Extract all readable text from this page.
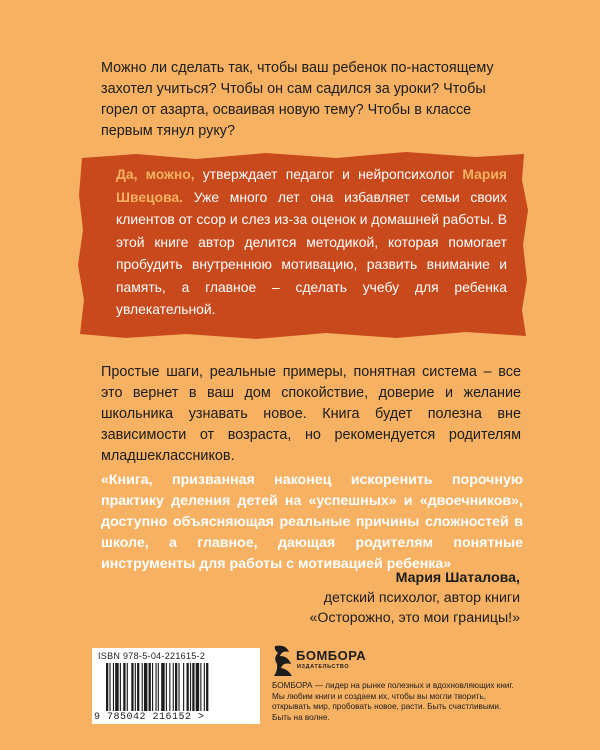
Можно ли сделать так, чтобы ваш ребенок по-настоящему захотел учиться? Чтобы он сам садился за уроки? Чтобы горел от азарта, осваивая новую тему? Чтобы в классе первым тянул руку?
Да, можно, утверждает педагог и нейропсихолог Мария Швецова. Уже много лет она избавляет семьи своих клиентов от ссор и слез из-за оценок и домашней работы. В этой книге автор делится методикой, которая помогает пробудить внутреннюю мотивацию, развить внимание и память, а главное – сделать учебу для ребенка увлекательной.
Простые шаги, реальные примеры, понятная система – все это вернет в ваш дом спокойствие, доверие и желание школьника узнавать новое. Книга будет полезна вне зависимости от возраста, но рекомендуется родителям младшеклассников.
«Книга, призванная наконец искоренить порочную практику деления детей на «успешных» и «двоечников», доступно объясняющая реальные причины сложностей в школе, а главное, дающая родителям понятные инструменты для работы с мотивацией ребенка»
Мария Шаталова,
детский психолог, автор книги
«Осторожно, это мои границы!»
ISBN 978-5-04-221615-2
9 785042 216152 >
БОМБОРА
ИЗДАТЕЛЬСТВО
БОМБОРА — лидер на рынке полезных и вдохновляющих книг. Мы любим книги и создаем их, чтобы вы могли творить, открывать мир, пробовать новое, расти. Быть счастливыми. Быть на волне.
